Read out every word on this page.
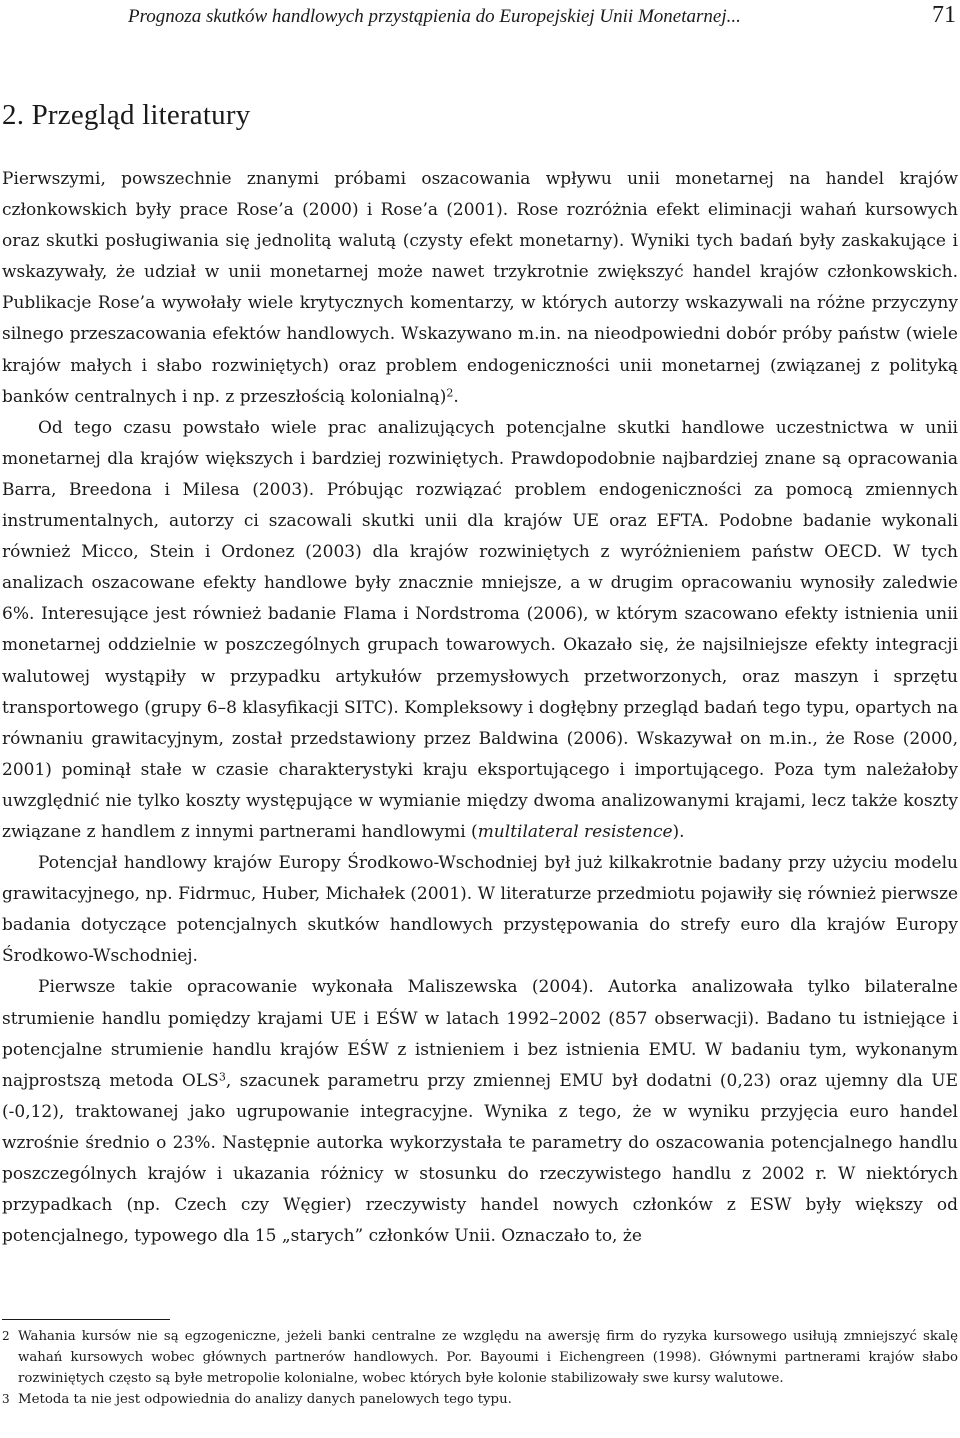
Prognoza skutków handlowych przystąpienia do Europejskiej Unii Monetarnej...	71
2. Przegląd literatury

Pierwszymi, powszechnie znanymi próbami oszacowania wpływu unii monetarnej na handel krajów członkowskich były prace Rose’a (2000) i Rose’a (2001). Rose rozróżnia efekt eliminacji wahań kursowych oraz skutki posługiwania się jednolitą walutą (czysty efekt monetarny). Wyniki tych badań były zaskakujące i wskazywały, że udział w unii monetarnej może nawet trzykrotnie zwiększyć handel krajów członkowskich. Publikacje Rose’a wywołały wiele krytycznych komentarzy, w których autorzy wskazywali na różne przyczyny silnego przeszacowania efektów handlowych. Wskazywano m.in. na nieodpowiedni dobór próby państw (wiele krajów małych i słabo rozwiniętych) oraz problem endogeniczności unii monetarnej (związanej z polityką banków centralnych i np. z przeszłością kolonialną)$^2$.

Od tego czasu powstało wiele prac analizujących potencjalne skutki handlowe uczestnictwa w unii monetarnej dla krajów większych i bardziej rozwiniętych. Prawdopodobnie najbardziej znane są opracowania Barra, Breedona i Milesa (2003). Próbując rozwiązać problem endogeniczności za pomocą zmiennych instrumentalnych, autorzy ci szacowali skutki unii dla krajów UE oraz EFTA. Podobne badanie wykonali również Micco, Stein i Ordonez (2003) dla krajów rozwiniętych z wyróżnieniem państw OECD. W tych analizach oszacowane efekty handlowe były znacznie mniejsze, a w drugim opracowaniu wynosiły zaledwie 6%. Interesujące jest również badanie Flama i Nordstroma (2006), w którym szacowano efekty istnienia unii monetarnej oddzielnie w poszczególnych grupach towarowych. Okazało się, że najsilniejsze efekty integracji walutowej wystąpiły w przypadku artykułów przemysłowych przetworzonych, oraz maszyn i sprzętu transportowego (grupy 6–8 klasyfikacji SITC). Kompleksowy i dogłębny przegląd badań tego typu, opartych na równaniu grawitacyjnym, został przedstawiony przez Baldwina (2006). Wskazywał on m.in., że Rose (2000, 2001) pominął stałe w czasie charakterystyki kraju eksportującego i importującego. Poza tym należałoby uwzględnić nie tylko koszty występujące w wymianie między dwoma analizowanymi krajami, lecz także koszty związane z handlem z innymi partnerami handlowymi (multilateral resistence).

Potencjał handlowy krajów Europy Środkowo-Wschodniej był już kilkakrotnie badany przy użyciu modelu grawitacyjnego, np. Fidrmuc, Huber, Michałek (2001). W literaturze przedmiotu pojawiły się również pierwsze badania dotyczące potencjalnych skutków handlowych przystępowania do strefy euro dla krajów Europy Środkowo-Wschodniej.

Pierwsze takie opracowanie wykonała Maliszewska (2004). Autorka analizowała tylko bilateralne strumienie handlu pomiędzy krajami UE i EŚW w latach 1992–2002 (857 obserwacji). Badano tu istniejące i potencjalne strumienie handlu krajów EŚW z istnieniem i bez istnienia EMU. W badaniu tym, wykonanym najprostszą metoda OLS$^3$, szacunek parametru przy zmiennej EMU był dodatni (0,23) oraz ujemny dla UE (-0,12), traktowanej jako ugrupowanie integracyjne. Wynika z tego, że w wyniku przyjęcia euro handel wzrośnie średnio o 23%. Następnie autorka wykorzystała te parametry do oszacowania potencjalnego handlu poszczególnych krajów i ukazania różnicy w stosunku do rzeczywistego handlu z 2002 r. W niektórych przypadkach (np. Czech czy Węgier) rzeczywisty handel nowych członków z ESW były większy od potencjalnego, typowego dla 15 „starych” członków Unii. Oznaczało to, że

2 Wahania kursów nie są egzogeniczne, jeżeli banki centralne ze względu na awersję firm do ryzyka kursowego usiłują zmniejszyć skalę wahań kursowych wobec głównych partnerów handlowych. Por. Bayoumi i Eichengreen (1998). Głównymi partnerami krajów słabo rozwiniętych często są byłe metropolie kolonialne, wobec których byłe kolonie stabilizowały swe kursy walutowe.

3 Metoda ta nie jest odpowiednia do analizy danych panelowych tego typu.
